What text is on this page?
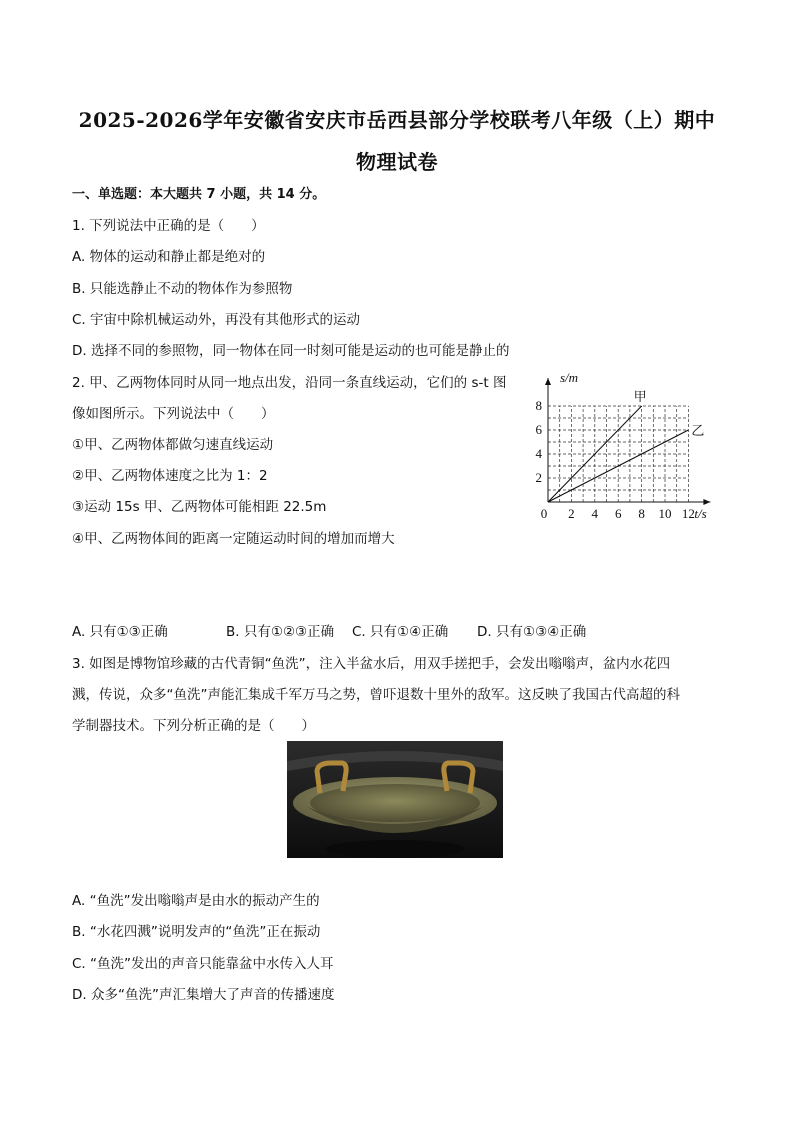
2025-2026学年安徽省安庆市岳西县部分学校联考八年级（上）期中
物理试卷
一、单选题：本大题共 7 小题，共 14 分。
1. 下列说法中正确的是（　　）
A. 物体的运动和静止都是绝对的
B. 只能选静止不动的物体作为参照物
C. 宇宙中除机械运动外，再没有其他形式的运动
D. 选择不同的参照物，同一物体在同一时刻可能是运动的也可能是静止的
2. 甲、乙两物体同时从同一地点出发，沿同一条直线运动，它们的 s-t 图
像如图所示。下列说法中（　　）
①甲、乙两物体都做匀速直线运动
②甲、乙两物体速度之比为 1：2
③运动 15s 甲、乙两物体可能相距 22.5m
④甲、乙两物体间的距离一定随运动时间的增加而增大
0 2 4 6 8 10 12
2
4
6
8
t/s
s/m
甲
乙
A. 只有①③正确	B. 只有①②③正确 C. 只有①④正确 D. 只有①③④正确
3. 如图是博物馆珍藏的古代青铜“鱼洗”，注入半盆水后，用双手搓把手，会发出嗡嗡声，盆内水花四
溅，传说，众多“鱼洗”声能汇集成千军万马之势，曾吓退数十里外的敌军。这反映了我国古代高超的科
学制器技术。下列分析正确的是（　　）
A. “鱼洗”发出嗡嗡声是由水的振动产生的
B. “水花四溅”说明发声的“鱼洗”正在振动
C. “鱼洗”发出的声音只能靠盆中水传入人耳
D. 众多“鱼洗”声汇集增大了声音的传播速度
